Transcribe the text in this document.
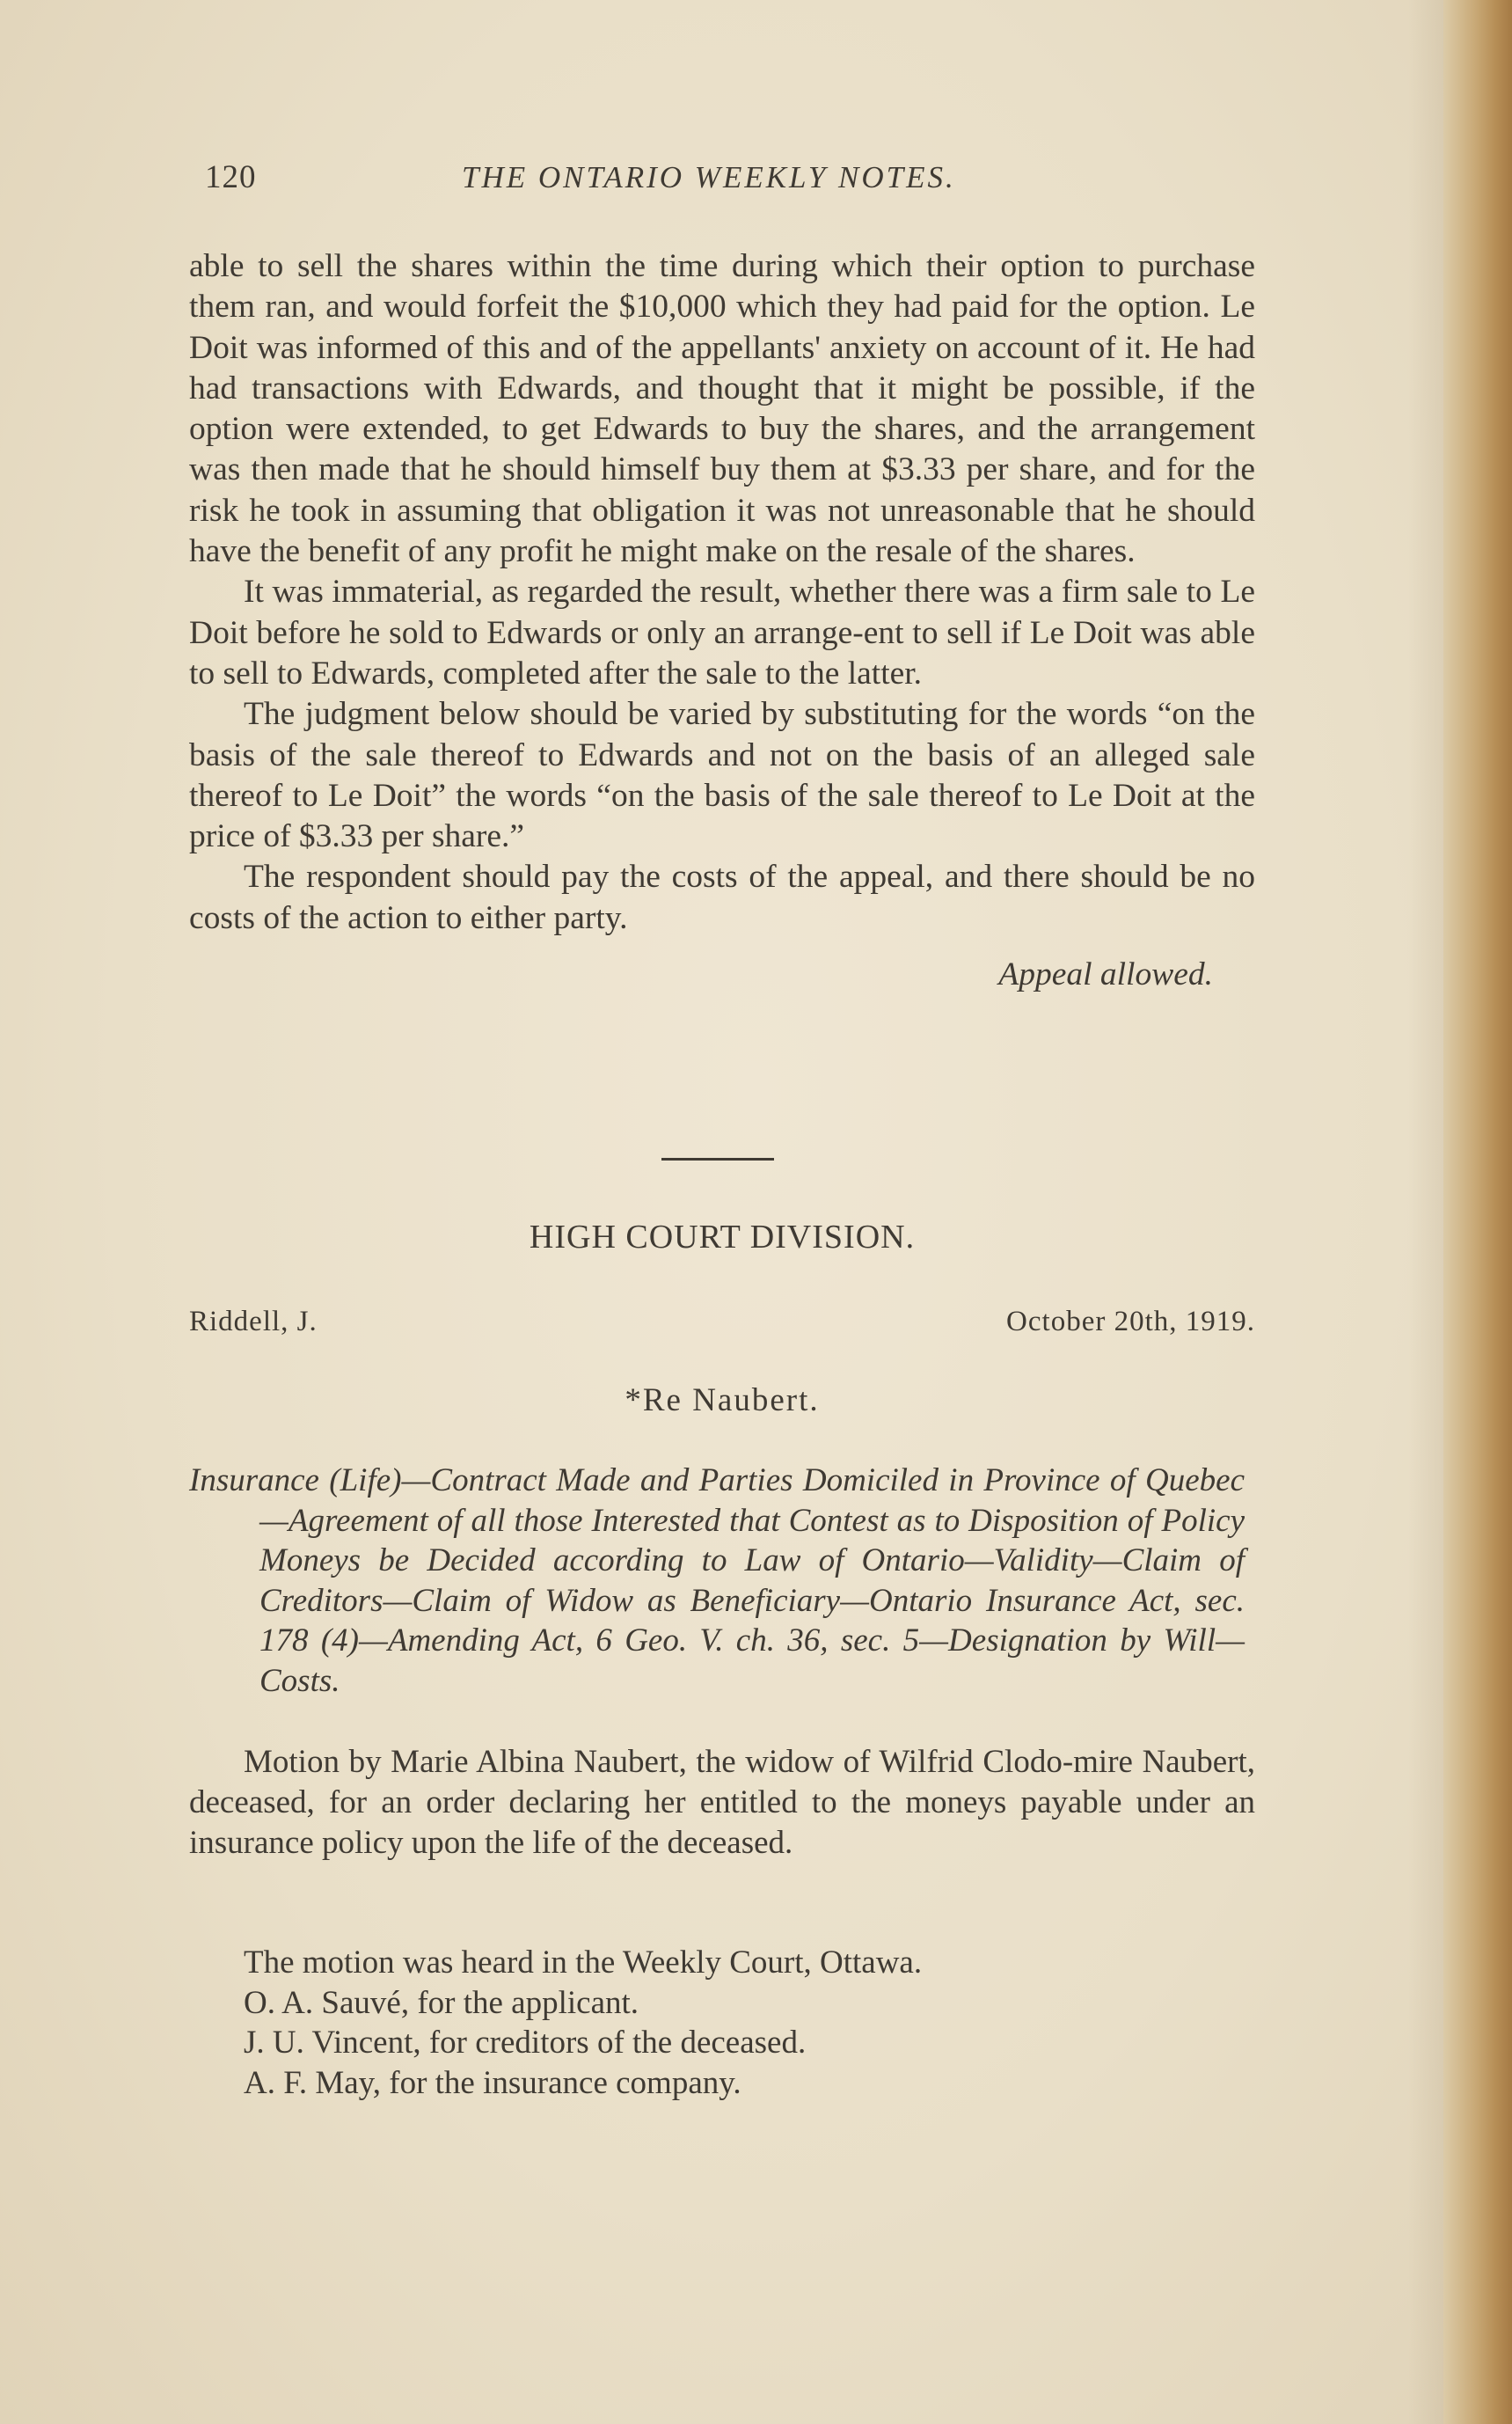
120	THE ONTARIO WEEKLY NOTES.

able to sell the shares within the time during which their option to purchase them ran, and would forfeit the $10,000 which they had paid for the option. Le Doit was informed of this and of the appellants' anxiety on account of it. He had had transactions with Edwards, and thought that it might be possible, if the option were extended, to get Edwards to buy the shares, and the arrangement was then made that he should himself buy them at $3.33 per share, and for the risk he took in assuming that obligation it was not unreasonable that he should have the benefit of any profit he might make on the resale of the shares.

It was immaterial, as regarded the result, whether there was a firm sale to Le Doit before he sold to Edwards or only an arrange-ent to sell if Le Doit was able to sell to Edwards, completed after the sale to the latter.

The judgment below should be varied by substituting for the words “on the basis of the sale thereof to Edwards and not on the basis of an alleged sale thereof to Le Doit” the words “on the basis of the sale thereof to Le Doit at the price of $3.33 per share.”

The respondent should pay the costs of the appeal, and there should be no costs of the action to either party.

Appeal allowed.

HIGH COURT DIVISION.
Riddell, J.	October 20th, 1919.
*Re Naubert.
Insurance (Life)—Contract Made and Parties Domiciled in Province of Quebec—Agreement of all those Interested that Contest as to Disposition of Policy Moneys be Decided according to Law of Ontario—Validity—Claim of Creditors—Claim of Widow as Beneficiary—Ontario Insurance Act, sec. 178 (4)—Amending Act, 6 Geo. V. ch. 36, sec. 5—Designation by Will—Costs.
Motion by Marie Albina Naubert, the widow of Wilfrid Clodo-mire Naubert, deceased, for an order declaring her entitled to the moneys payable under an insurance policy upon the life of the deceased.
The motion was heard in the Weekly Court, Ottawa.
O. A. Sauvé, for the applicant.
J. U. Vincent, for creditors of the deceased.
A. F. May, for the insurance company.
